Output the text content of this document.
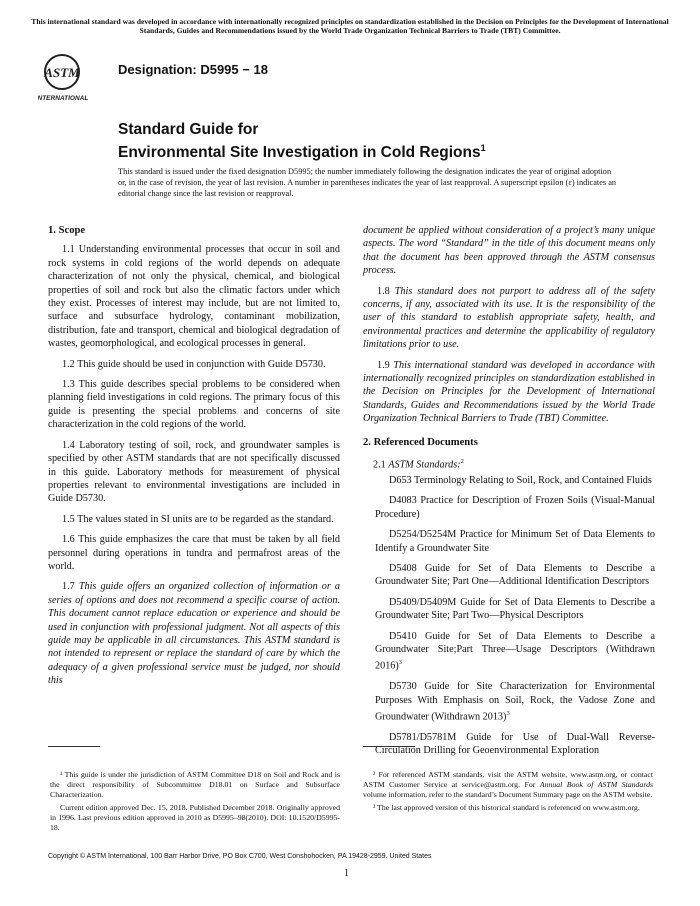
This international standard was developed in accordance with internationally recognized principles on standardization established in the Decision on Principles for the Development of International Standards, Guides and Recommendations issued by the World Trade Organization Technical Barriers to Trade (TBT) Committee.
ASTM
INTERNATIONAL
Designation: D5995 − 18
Standard Guide for
Environmental Site Investigation in Cold Regions$^1$
This standard is issued under the fixed designation D5995; the number immediately following the designation indicates the year of original adoption or, in the case of revision, the year of last revision. A number in parentheses indicates the year of last reapproval. A superscript epsilon (ε) indicates an editorial change since the last revision or reapproval.
1. Scope

1.1 Understanding environmental processes that occur in soil and rock systems in cold regions of the world depends on adequate characterization of not only the physical, chemical, and biological properties of soil and rock but also the climatic factors under which they exist. Processes of interest may include, but are not limited to, surface and subsurface hydrology, contaminant mobilization, distribution, fate and transport, chemical and biological degradation of wastes, geomorphological, and ecological processes in general.

1.2 This guide should be used in conjunction with Guide D5730.

1.3 This guide describes special problems to be considered when planning field investigations in cold regions. The primary focus of this guide is presenting the special problems and concerns of site characterization in the cold regions of the world.

1.4 Laboratory testing of soil, rock, and groundwater samples is specified by other ASTM standards that are not specifically discussed in this guide. Laboratory methods for measurement of physical properties relevant to environmental investigations are included in Guide D5730.

1.5 The values stated in SI units are to be regarded as the standard.

1.6 This guide emphasizes the care that must be taken by all field personnel during operations in tundra and permafrost areas of the world.

1.7 This guide offers an organized collection of information or a series of options and does not recommend a specific course of action. This document cannot replace education or experience and should be used in conjunction with professional judgment. Not all aspects of this guide may be applicable in all circumstances. This ASTM standard is not intended to represent or replace the standard of care by which the adequacy of a given professional service must be judged, nor should this

document be applied without consideration of a project’s many unique aspects. The word “Standard” in the title of this document means only that the document has been approved through the ASTM consensus process.

1.8 This standard does not purport to address all of the safety concerns, if any, associated with its use. It is the responsibility of the user of this standard to establish appropriate safety, health, and environmental practices and determine the applicability of regulatory limitations prior to use.

1.9 This international standard was developed in accordance with internationally recognized principles on standardization established in the Decision on Principles for the Development of International Standards, Guides and Recommendations issued by the World Trade Organization Technical Barriers to Trade (TBT) Committee.

2. Referenced Documents

2.1 ASTM Standards:$^2$

D653 Terminology Relating to Soil, Rock, and Contained Fluids

D4083 Practice for Description of Frozen Soils (Visual-Manual Procedure)

D5254/D5254M Practice for Minimum Set of Data Elements to Identify a Groundwater Site

D5408 Guide for Set of Data Elements to Describe a Groundwater Site; Part One—Additional Identification Descriptors

D5409/D5409M Guide for Set of Data Elements to Describe a Groundwater Site; Part Two—Physical Descriptors

D5410 Guide for Set of Data Elements to Describe a Groundwater Site;Part Three—Usage Descriptors (Withdrawn 2016)$^3$

D5730 Guide for Site Characterization for Environmental Purposes With Emphasis on Soil, Rock, the Vadose Zone and Groundwater (Withdrawn 2013)$^3$

D5781/D5781M Guide for Use of Dual-Wall Reverse-Circulation Drilling for Geoenvironmental Exploration

¹ This guide is under the jurisdiction of ASTM Committee D18 on Soil and Rock and is the direct responsibility of Subcommittee D18.01 on Surface and Subsurface Characterization.

Current edition approved Dec. 15, 2018. Published December 2018. Originally approved in 1996. Last previous edition approved in 2010 as D5995–98(2010). DOI: 10.1520/D5995-18.

² For referenced ASTM standards, visit the ASTM website, www.astm.org, or contact ASTM Customer Service at service@astm.org. For Annual Book of ASTM Standards volume information, refer to the standard’s Document Summary page on the ASTM website.

³ The last approved version of this historical standard is referenced on www.astm.org.

Copyright © ASTM International, 100 Barr Harbor Drive, PO Box C700, West Conshohocken, PA 19428-2959. United States
1
